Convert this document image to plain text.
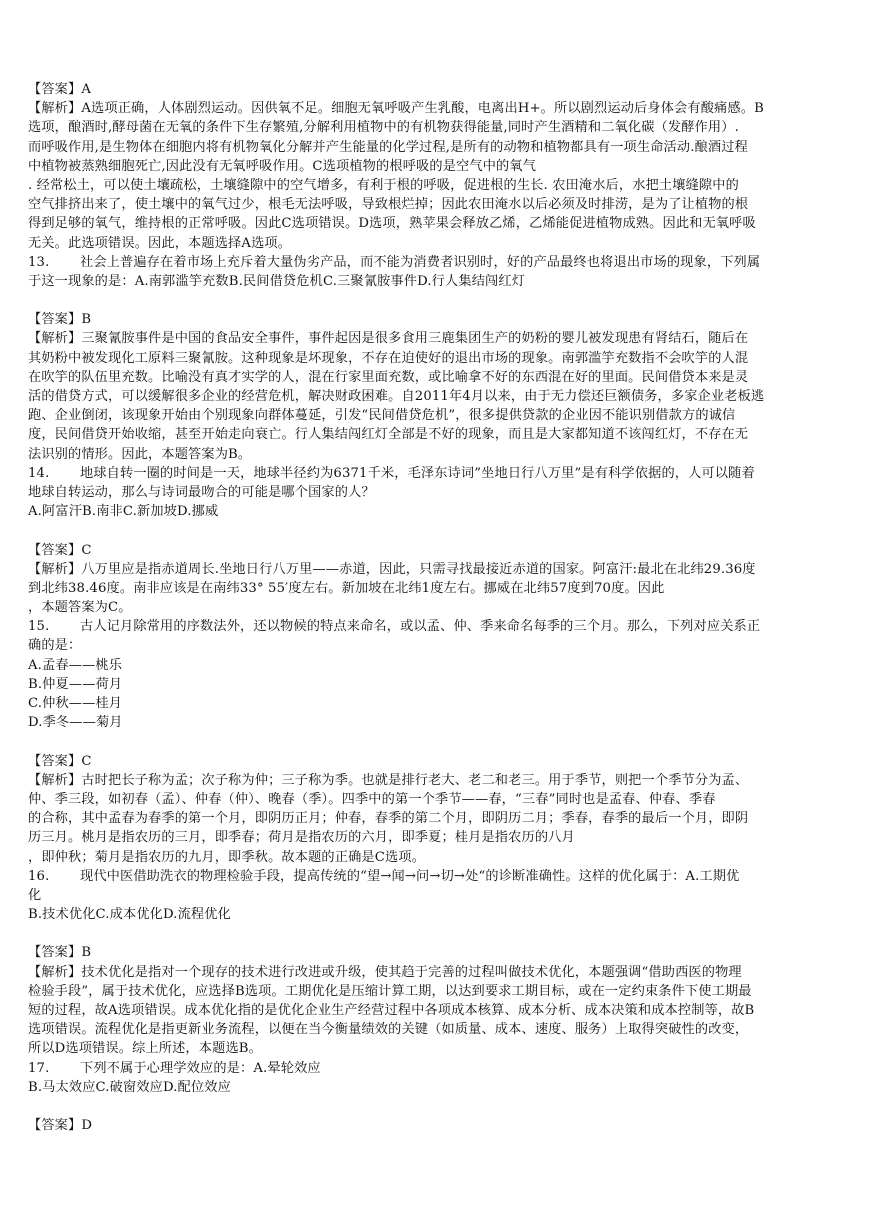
【答案】A
【解析】A选项正确，人体剧烈运动。因供氧不足。细胞无氧呼吸产生乳酸，电离出H+。所以剧烈运动后身体会有酸痛感。B
选项，酿酒时,酵母菌在无氧的条件下生存繁殖,分解利用植物中的有机物获得能量,同时产生酒精和二氧化碳（发酵作用）.
而呼吸作用,是生物体在细胞内将有机物氧化分解并产生能量的化学过程,是所有的动物和植物都具有一项生命活动.酿酒过程
中植物被蒸熟细胞死亡,因此没有无氧呼吸作用。C选项植物的根呼吸的是空气中的氧气
. 经常松土，可以使土壤疏松，土壤缝隙中的空气增多，有利于根的呼吸，促进根的生长. 农田淹水后，水把土壤缝隙中的
空气排挤出来了，使土壤中的氧气过少，根毛无法呼吸，导致根烂掉；因此农田淹水以后必须及时排涝，是为了让植物的根
得到足够的氧气，维持根的正常呼吸。因此C选项错误。D选项，熟苹果会释放乙烯，乙烯能促进植物成熟。因此和无氧呼吸
无关。此选项错误。因此，本题选择A选项。
13. 社会上普遍存在着市场上充斥着大量伪劣产品，而不能为消费者识别时，好的产品最终也将退出市场的现象，下列属
于这一现象的是：A.南郭滥竽充数B.民间借贷危机C.三聚氰胺事件D.行人集结闯红灯
【答案】B
【解析】三聚氰胺事件是中国的食品安全事件，事件起因是很多食用三鹿集团生产的奶粉的婴儿被发现患有肾结石，随后在
其奶粉中被发现化工原料三聚氰胺。这种现象是坏现象，不存在迫使好的退出市场的现象。南郭滥竽充数指不会吹竽的人混
在吹竽的队伍里充数。比喻没有真才实学的人，混在行家里面充数，或比喻拿不好的东西混在好的里面。民间借贷本来是灵
活的借贷方式，可以缓解很多企业的经营危机，解决财政困难。自2011年4月以来，由于无力偿还巨额债务，多家企业老板逃
跑、企业倒闭，该现象开始由个别现象向群体蔓延，引发“民间借贷危机”，很多提供贷款的企业因不能识别借款方的诚信
度，民间借贷开始收缩，甚至开始走向衰亡。行人集结闯红灯全部是不好的现象，而且是大家都知道不该闯红灯，不存在无
法识别的情形。因此，本题答案为B。
14. 地球自转一圈的时间是一天，地球半径约为6371千米，毛泽东诗词”坐地日行八万里”是有科学依据的，人可以随着
地球自转运动，那么与诗词最吻合的可能是哪个国家的人？
A.阿富汗B.南非C.新加坡D.挪威
【答案】C
【解析】八万里应是指赤道周长.坐地日行八万里——赤道，因此，只需寻找最接近赤道的国家。阿富汗:最北在北纬29.36度
到北纬38.46度。南非应该是在南纬33° 55′度左右。新加坡在北纬1度左右。挪威在北纬57度到70度。因此
，本题答案为C。
15. 古人记月除常用的序数法外，还以物候的特点来命名，或以孟、仲、季来命名每季的三个月。那么，下列对应关系正
确的是：
A.孟春——桃乐
B.仲夏——荷月
C.仲秋——桂月
D.季冬——菊月
【答案】C
【解析】古时把长子称为孟；次子称为仲；三子称为季。也就是排行老大、老二和老三。用于季节，则把一个季节分为孟、
仲、季三段，如初春（孟）、仲春（仲）、晚春（季）。四季中的第一个季节——春，“三春”同时也是孟春、仲春、季春
的合称，其中孟春为春季的第一个月，即阴历正月；仲春，春季的第二个月，即阴历二月；季春，春季的最后一个月，即阴
历三月。桃月是指农历的三月，即季春；荷月是指农历的六月，即季夏；桂月是指农历的八月
，即仲秋；菊月是指农历的九月，即季秋。故本题的正确是C选项。
16. 现代中医借助洗衣的物理检验手段，提高传统的“望→闻→问→切→处“的诊断准确性。这样的优化属于：A.工期优
化
B.技术优化C.成本优化D.流程优化
【答案】B
【解析】技术优化是指对一个现存的技术进行改进或升级，使其趋于完善的过程叫做技术优化，本题强调“借助西医的物理
检验手段”，属于技术优化，应选择B选项。工期优化是压缩计算工期，以达到要求工期目标，或在一定约束条件下使工期最
短的过程，故A选项错误。成本优化指的是优化企业生产经营过程中各项成本核算、成本分析、成本决策和成本控制等，故B
选项错误。流程优化是指更新业务流程，以便在当今衡量绩效的关键（如质量、成本、速度、服务）上取得突破性的改变，
所以D选项错误。综上所述，本题选B。
17. 下列不属于心理学效应的是：A.晕轮效应
B.马太效应C.破窗效应D.配位效应
【答案】D
